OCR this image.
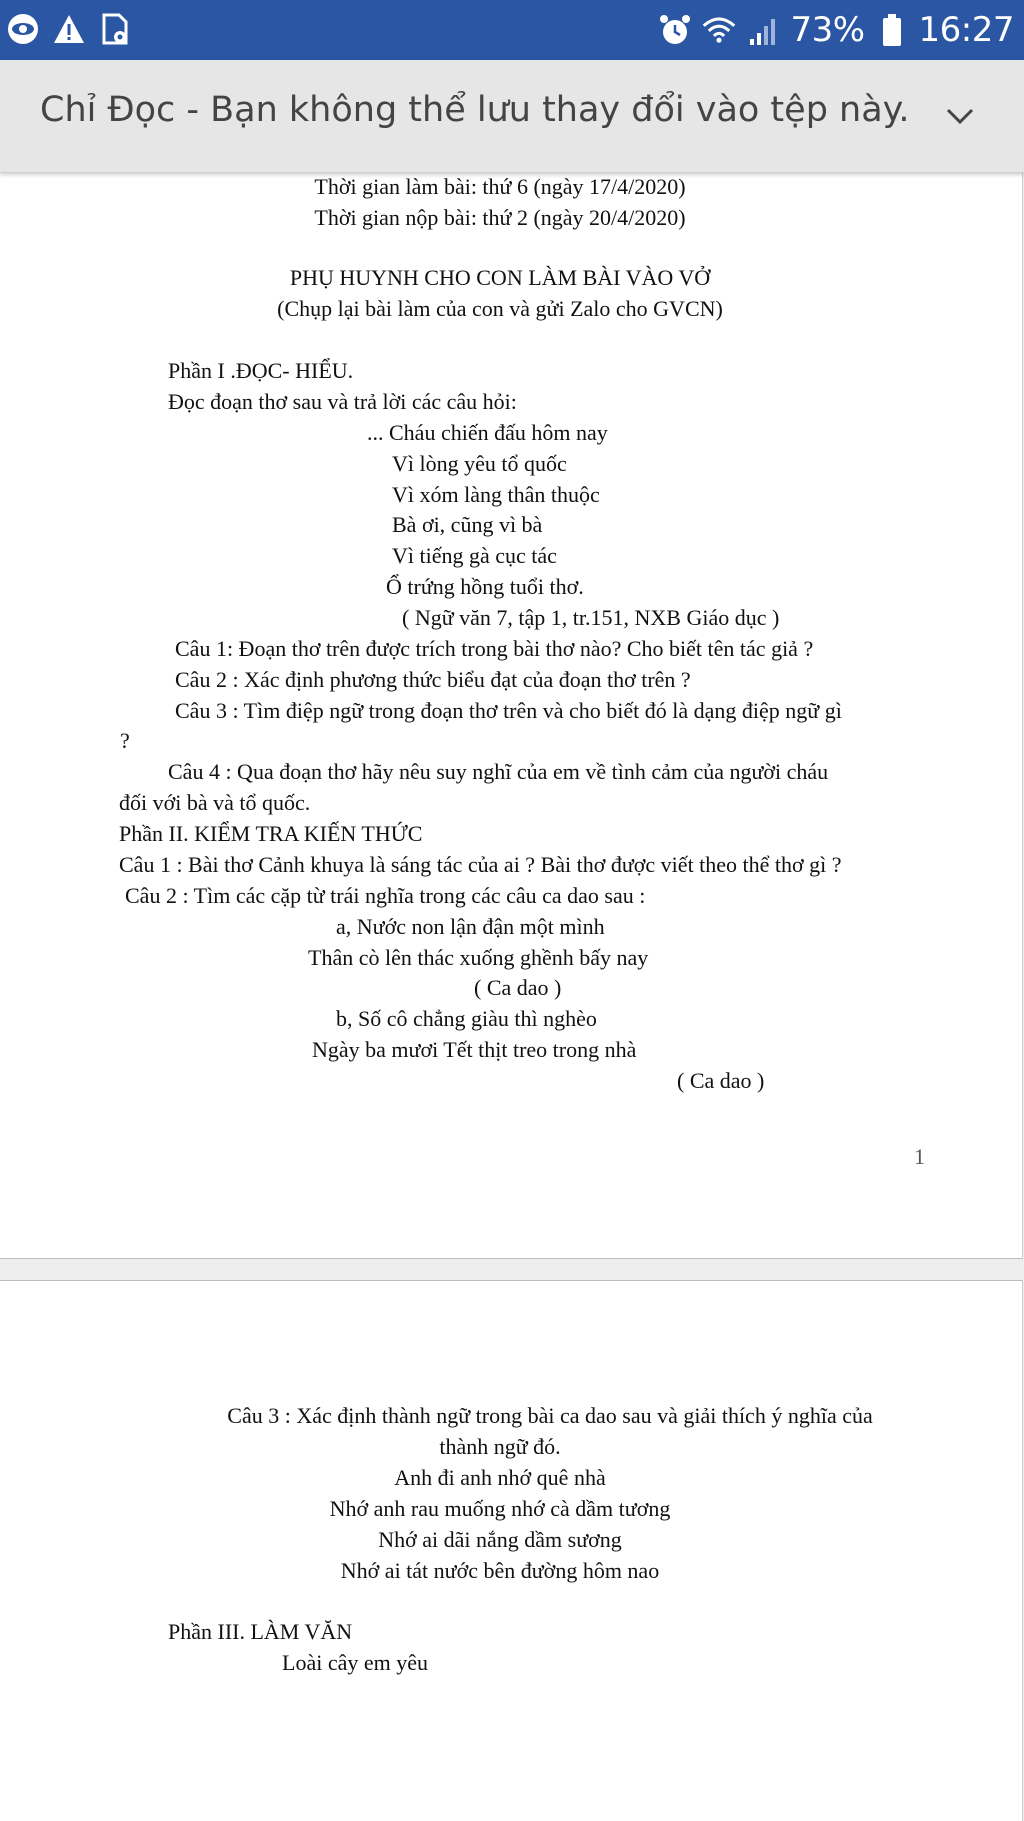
73% 16:27
Chỉ Đọc - Bạn không thể lưu thay đổi vào tệp này.
Thời gian làm bài: thứ 6 (ngày 17/4/2020)
Thời gian nộp bài: thứ 2 (ngày 20/4/2020)
PHỤ HUYNH CHO CON LÀM BÀI VÀO VỞ
(Chụp lại bài làm của con và gửi Zalo cho GVCN)
Phần I .ĐỌC- HIỂU.
Đọc đoạn thơ sau và trả lời các câu hỏi:
... Cháu chiến đấu hôm nay
Vì lòng yêu tổ quốc
Vì xóm làng thân thuộc
Bà ơi, cũng vì bà
Vì tiếng gà cục tác
Ổ trứng hồng tuổi thơ.
( Ngữ văn 7, tập 1, tr.151, NXB Giáo dục )
Câu 1: Đoạn thơ trên được trích trong bài thơ nào? Cho biết tên tác giả ?
Câu 2 : Xác định phương thức biểu đạt của đoạn thơ trên ?
Câu 3 : Tìm điệp ngữ trong đoạn thơ trên và cho biết đó là dạng điệp ngữ gì
?
Câu 4 : Qua đoạn thơ hãy nêu suy nghĩ của em về tình cảm của người cháu
đối với bà và tổ quốc.
Phần II. KIỂM TRA KIẾN THỨC
Câu 1 : Bài thơ Cảnh khuya là sáng tác của ai ? Bài thơ được viết theo thể thơ gì ?
Câu 2 : Tìm các cặp từ trái nghĩa trong các câu ca dao sau :
a, Nước non lận đận một mình
Thân cò lên thác xuống ghềnh bấy nay
( Ca dao )
b, Số cô chẳng giàu thì nghèo
Ngày ba mươi Tết thịt treo trong nhà
( Ca dao )
1
Câu 3 : Xác định thành ngữ trong bài ca dao sau và giải thích ý nghĩa của
thành ngữ đó.
Anh đi anh nhớ quê nhà
Nhớ anh rau muống nhớ cà dầm tương
Nhớ ai dãi nắng dầm sương
Nhớ ai tát nước bên đường hôm nao
Phần III. LÀM VĂN
Loài cây em yêu
